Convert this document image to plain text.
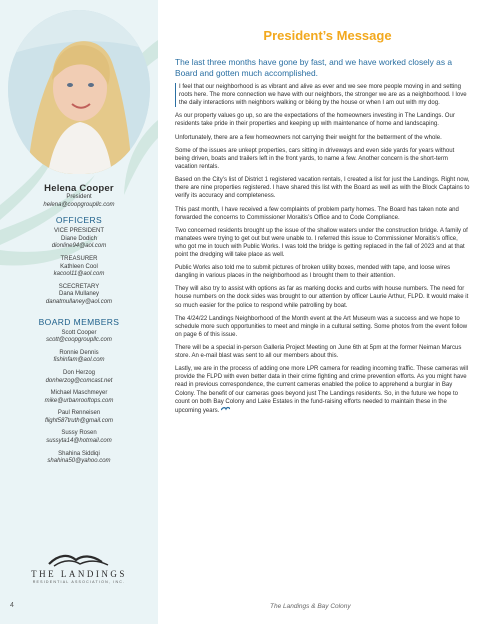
Helena Cooper
President
helena@coopgroupllc.com
OFFICERS
VICE PRESIDENT
Diane Dodich
dionline94@aol.com
TREASURER
Kathleen Cool
kacool11@aol.com
SCECRETARY
Dana Mullaney
danatmullaney@aol.com
BOARD MEMBERS
Scott Cooper
scott@coopgroupllc.com
Ronnie Dennis
fishinfam@aol.com
Don Herzog
donherzog@comcast.net
Michael Maschmeyer
mike@urbanrooftops.com
Paul Renneisen
flight587truth@gmail.com
Sussy Rosen
sussyta14@hotmail.com
Shahina Siddiqi
shahina50@yahoo.com
THE LANDINGS
RESIDENTIAL ASSOCIATION, INC.
President’s Message
The last three months have gone by fast, and we have worked closely as a Board and gotten much accomplished.

I feel that our neighborhood is as vibrant and alive as ever and we see more people moving in and setting roots here. The more connection we have with our neighbors, the stronger we are as a neighborhood. I love the daily interactions with neighbors walking or biking by the house or when I am out with my dog.

As our property values go up, so are the expectations of the homeowners investing in The Landings. Our residents take pride in their properties and keeping up with maintenance of home and landscaping.

Unfortunately, there are a few homeowners not carrying their weight for the betterment of the whole.

Some of the issues are unkept properties, cars sitting in driveways and even side yards for years without being driven, boats and trailers left in the front yards, to name a few. Another concern is the short-term vacation rentals.

Based on the City’s list of District 1 registered vacation rentals, I created a list for just the Landings. Right now, there are nine properties registered. I have shared this list with the Board as well as with the Block Captains to verify its accuracy and completeness.

This past month, I have received a few complaints of problem party homes. The Board has taken note and forwarded the concerns to Commissioner Moraitis’s Office and to Code Compliance.

Two concerned residents brought up the issue of the shallow waters under the construction bridge. A family of manatees were trying to get out but were unable to. I referred this issue to Commissioner Moraitis’s office, who got me in touch with Public Works. I was told the bridge is getting replaced in the fall of 2023 and at that point the dredging will take place as well.

Public Works also told me to submit pictures of broken utility boxes, mended with tape, and loose wires dangling in various places in the neighborhood as I brought them to their attention.

They will also try to assist with options as far as marking docks and curbs with house numbers. The need for house numbers on the dock sides was brought to our attention by officer Laurie Arthur, FLPD. It would make it so much easier for the police to respond while patrolling by boat.

The 4/24/22 Landings Neighborhood of the Month event at the Art Museum was a success and we hope to schedule more such opportunities to meet and mingle in a cultural setting. Some photos from the event follow on page 6 of this issue.

There will be a special in-person Galleria Project Meeting on June 6th at 5pm at the former Neiman Marcus store. An e-mail blast was sent to all our members about this.

Lastly, we are in the process of adding one more LPR camera for reading incoming traffic. These cameras will provide the FLPD with even better data in their crime fighting and crime prevention efforts. As you might have read in previous correspondence, the current cameras enabled the police to apprehend a burglar in Bay Colony. The benefit of our cameras goes beyond just The Landings residents. So, in the future we hope to count on both Bay Colony and Lake Estates in the fund-raising efforts needed to maintain these in the upcoming years.

4	The Landings & Bay Colony
